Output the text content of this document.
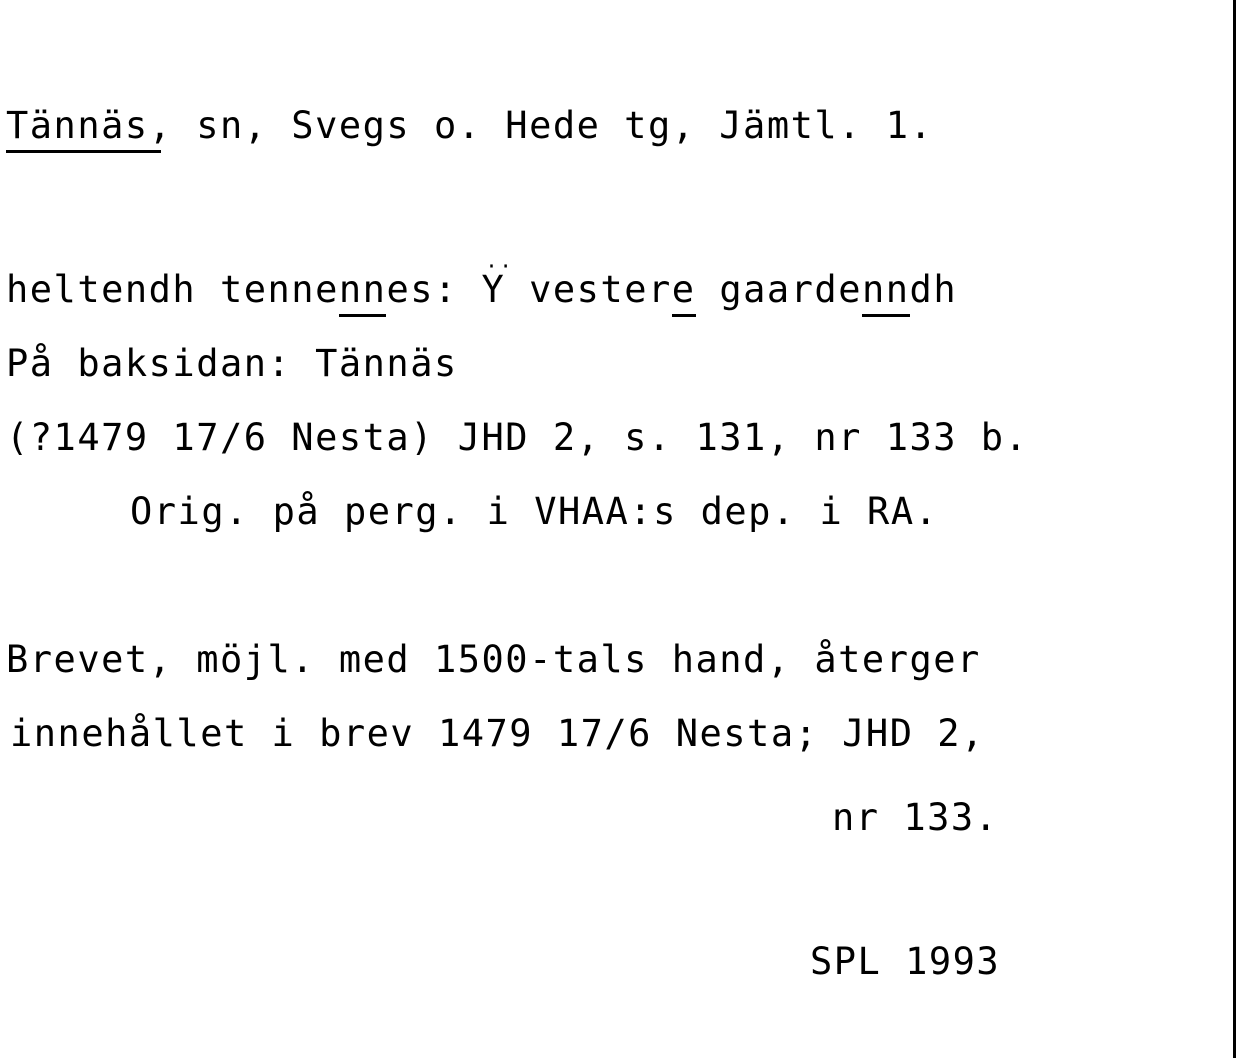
Tännäs, sn, Svegs o. Hede tg, Jämtl. 1.
heltendh tennennes: Y
··
vestere gaardenndh
På baksidan: Tännäs
(?1479 17/6 Nesta) JHD 2, s. 131, nr 133 b.
Orig. på perg. i VHAA:s dep. i RA.
Brevet, möjl. med 1500-tals hand, återger
innehållet i brev 1479 17/6 Nesta; JHD 2,
nr 133.
SPL 1993
